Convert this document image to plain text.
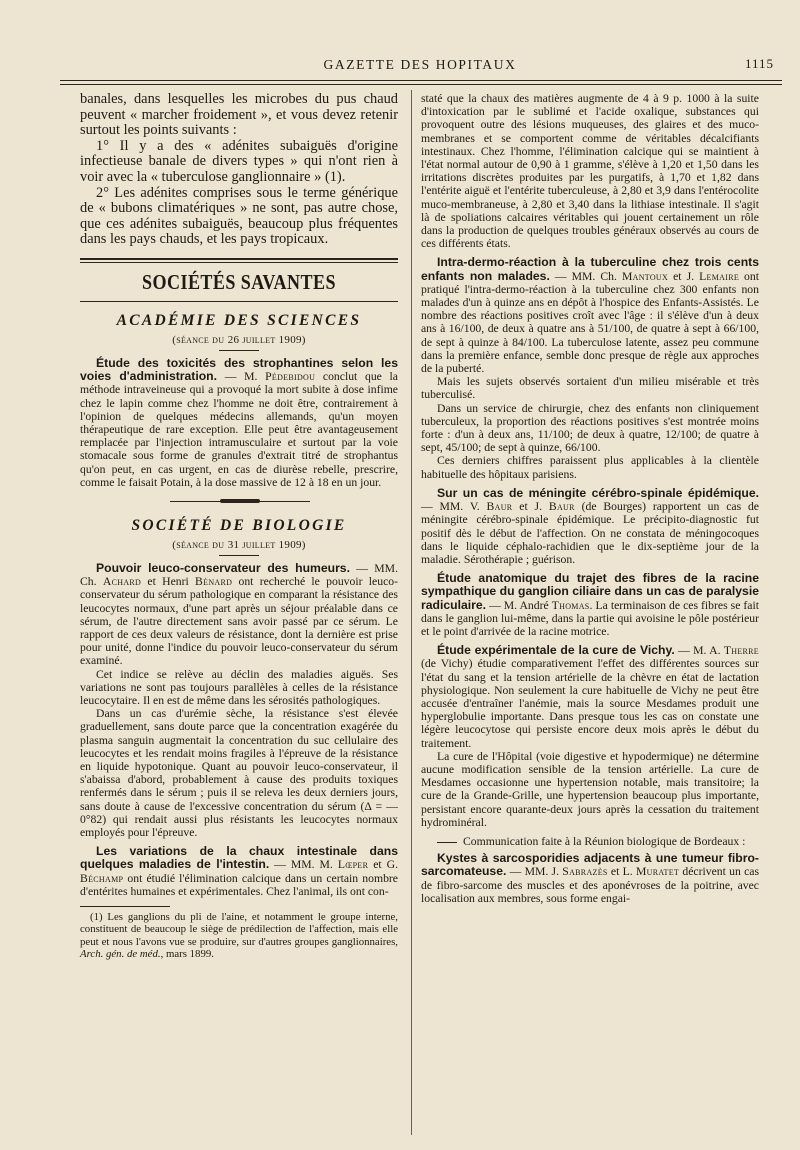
GAZETTE DES HOPITAUX	1115

banales, dans lesquelles les microbes du pus chaud peuvent « marcher froidement », et vous devez retenir surtout les points suivants :

1° Il y a des « adénites subaiguës d'origine infectieuse banale de divers types » qui n'ont rien à voir avec la « tuberculose ganglionnaire » (1).

2° Les adénites comprises sous le terme générique de « bubons climatériques » ne sont, pas autre chose, que ces adénites subaiguës, beaucoup plus fréquentes dans les pays chauds, et les pays tropicaux.

SOCIÉTÉS SAVANTES
ACADÉMIE DES SCIENCES
(séance du 26 juillet 1909)

Étude des toxicités des strophantines selon les voies d'administration. — M. Pédebidou conclut que la méthode intraveineuse qui a provoqué la mort subite à dose infime chez le lapin comme chez l'homme ne doit être, contrairement à l'opinion de quelques médecins allemands, qu'un moyen thérapeutique de rare exception. Elle peut être avantageusement remplacée par l'injection intramusculaire et surtout par la voie stomacale sous forme de granules d'extrait titré de strophantus qu'on peut, en cas urgent, en cas de diurèse rebelle, prescrire, comme le faisait Potain, à la dose massive de 12 à 18 en un jour.

SOCIÉTÉ DE BIOLOGIE
(séance du 31 juillet 1909)

Pouvoir leuco-conservateur des humeurs. — MM. Ch. Achard et Henri Bénard ont recherché le pouvoir leuco-conservateur du sérum pathologique en comparant la résistance des leucocytes normaux, d'une part après un séjour préalable dans ce sérum, de l'autre directement sans avoir passé par ce sérum. Le rapport de ces deux valeurs de résistance, dont la dernière est prise pour unité, donne l'indice du pouvoir leuco-conservateur du sérum examiné.

Cet indice se relève au déclin des maladies aiguës. Ses variations ne sont pas toujours parallèles à celles de la résistance leucocytaire. Il en est de même dans les sérosités pathologiques.

Dans un cas d'urémie sèche, la résistance s'est élevée graduellement, sans doute parce que la concentration exagérée du plasma sanguin augmentait la concentration du suc cellulaire des leucocytes et les rendait moins fragiles à l'épreuve de la résistance en liquide hypotonique. Quant au pouvoir leuco-conservateur, il s'abaissa d'abord, probablement à cause des produits toxiques renfermés dans le sérum ; puis il se releva les deux derniers jours, sans doute à cause de l'excessive concentration du sérum (Δ = — 0°82) qui rendait aussi plus résistants les leucocytes normaux employés pour l'épreuve.

Les variations de la chaux intestinale dans quelques maladies de l'intestin. — MM. M. Lœper et G. Béchamp ont étudié l'élimination calcique dans un certain nombre d'entérites humaines et expérimentales. Chez l'animal, ils ont con-

(1) Les ganglions du pli de l'aine, et notamment le groupe interne, constituent de beaucoup le siège de prédilection de l'affection, mais elle peut et nous l'avons vue se produire, sur d'autres groupes ganglionnaires, Arch. gén. de méd., mars 1899.

staté que la chaux des matières augmente de 4 à 9 p. 1000 à la suite d'intoxication par le sublimé et l'acide oxalique, substances qui provoquent outre des lésions muqueuses, des glaires et des muco-membranes et se comportent comme de véritables décalcifiants intestinaux. Chez l'homme, l'élimination calcique qui se maintient à l'état normal autour de 0,90 à 1 gramme, s'élève à 1,20 et 1,50 dans les irritations discrètes produites par les purgatifs, à 1,70 et 1,82 dans l'entérite aiguë et l'entérite tuberculeuse, à 2,80 et 3,9 dans l'entérocolite muco-membraneuse, à 2,80 et 3,40 dans la lithiase intestinale. Il s'agit là de spoliations calcaires véritables qui jouent certainement un rôle dans la production de quelques troubles généraux observés au cours de ces différents états.

Intra-dermo-réaction à la tuberculine chez trois cents enfants non malades. — MM. Ch. Mantoux et J. Lemaire ont pratiqué l'intra-dermo-réaction à la tuberculine chez 300 enfants non malades d'un à quinze ans en dépôt à l'hospice des Enfants-Assistés. Le nombre des réactions positives croît avec l'âge : il s'élève d'un à deux ans à 16/100, de deux à quatre ans à 51/100, de quatre à sept à 66/100, de sept à quinze à 84/100. La tuberculose latente, assez peu commune dans la première enfance, semble donc presque de règle aux approches de la puberté.

Mais les sujets observés sortaient d'un milieu misérable et très tuberculisé.

Dans un service de chirurgie, chez des enfants non cliniquement tuberculeux, la proportion des réactions positives s'est montrée moins forte : d'un à deux ans, 11/100; de deux à quatre, 12/100; de quatre à sept, 45/100; de sept à quinze, 66/100.

Ces derniers chiffres paraissent plus applicables à la clientèle habituelle des hôpitaux parisiens.

Sur un cas de méningite cérébro-spinale épidémique. — MM. V. Baur et J. Baur (de Bourges) rapportent un cas de méningite cérébro-spinale épidémique. Le précipito-diagnostic fut positif dès le début de l'affection. On ne constata de méningocoques dans le liquide céphalo-rachidien que le dix-septième jour de la maladie. Sérothérapie ; guérison.

Étude anatomique du trajet des fibres de la racine sympathique du ganglion ciliaire dans un cas de paralysie radiculaire. — M. André Thomas. La terminaison de ces fibres se fait dans le ganglion lui-même, dans la partie qui avoisine le pôle postérieur et le point d'arrivée de la racine motrice.

Étude expérimentale de la cure de Vichy. — M. A. Therre (de Vichy) étudie comparativement l'effet des différentes sources sur l'état du sang et la tension artérielle de la chèvre en état de lactation physiologique. Non seulement la cure habituelle de Vichy ne peut être accusée d'entraîner l'anémie, mais la source Mesdames produit une hyperglobulie importante. Dans presque tous les cas on constate une légère leucocytose qui persiste encore deux mois après le début du traitement.

La cure de l'Hôpital (voie digestive et hypodermique) ne détermine aucune modification sensible de la tension artérielle. La cure de Mesdames occasionne une hypertension notable, mais transitoire; la cure de la Grande-Grille, une hypertension beaucoup plus importante, persistant encore quarante-deux jours après la cessation du traitement hydrominéral.

Communication faite à la Réunion biologique de Bordeaux :

Kystes à sarcosporidies adjacents à une tumeur fibro-sarcomateuse. — MM. J. Sabrazès et L. Muratet décrivent un cas de fibro-sarcome des muscles et des aponévroses de la poitrine, avec localisation aux membres, sous forme engai-
